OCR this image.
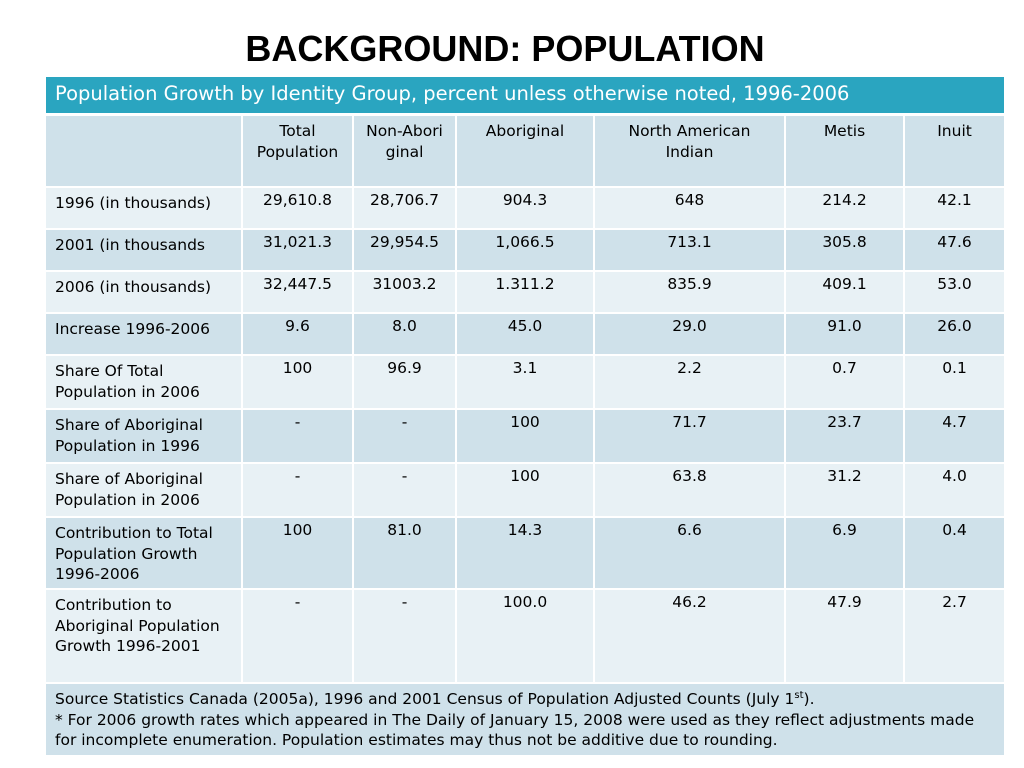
BACKGROUND: POPULATION
Population Growth by Identity Group, percent unless otherwise noted, 1996-2006						
	Total Population	Non-Aboriginal	Aboriginal	North American Indian	Metis	Inuit
1996 (in thousands)	29,610.8	28,706.7	904.3	648	214.2	42.1
2001 (in thousands	31,021.3	29,954.5	1,066.5	713.1	305.8	47.6
2006 (in thousands)	32,447.5	31003.2	1.311.2	835.9	409.1	53.0
Increase 1996-2006	9.6	8.0	45.0	29.0	91.0	26.0
Share Of Total Population in 2006	100	96.9	3.1	2.2	0.7	0.1
Share of Aboriginal Population in 1996	-	-	100	71.7	23.7	4.7
Share of Aboriginal Population in 2006	-	-	100	63.8	31.2	4.0
Contribution to Total Population Growth 1996-2006	100	81.0	14.3	6.6	6.9	0.4
Contribution to Aboriginal Population Growth 1996-2001	-	-	100.0	46.2	47.9	2.7
Source Statistics Canada (2005a), 1996 and 2001 Census of Population Adjusted Counts (July 1st).
* For 2006 growth rates which appeared in The Daily of January 15, 2008 were used as they reflect adjustments made for incomplete enumeration. Population estimates may thus not be additive due to rounding.						
